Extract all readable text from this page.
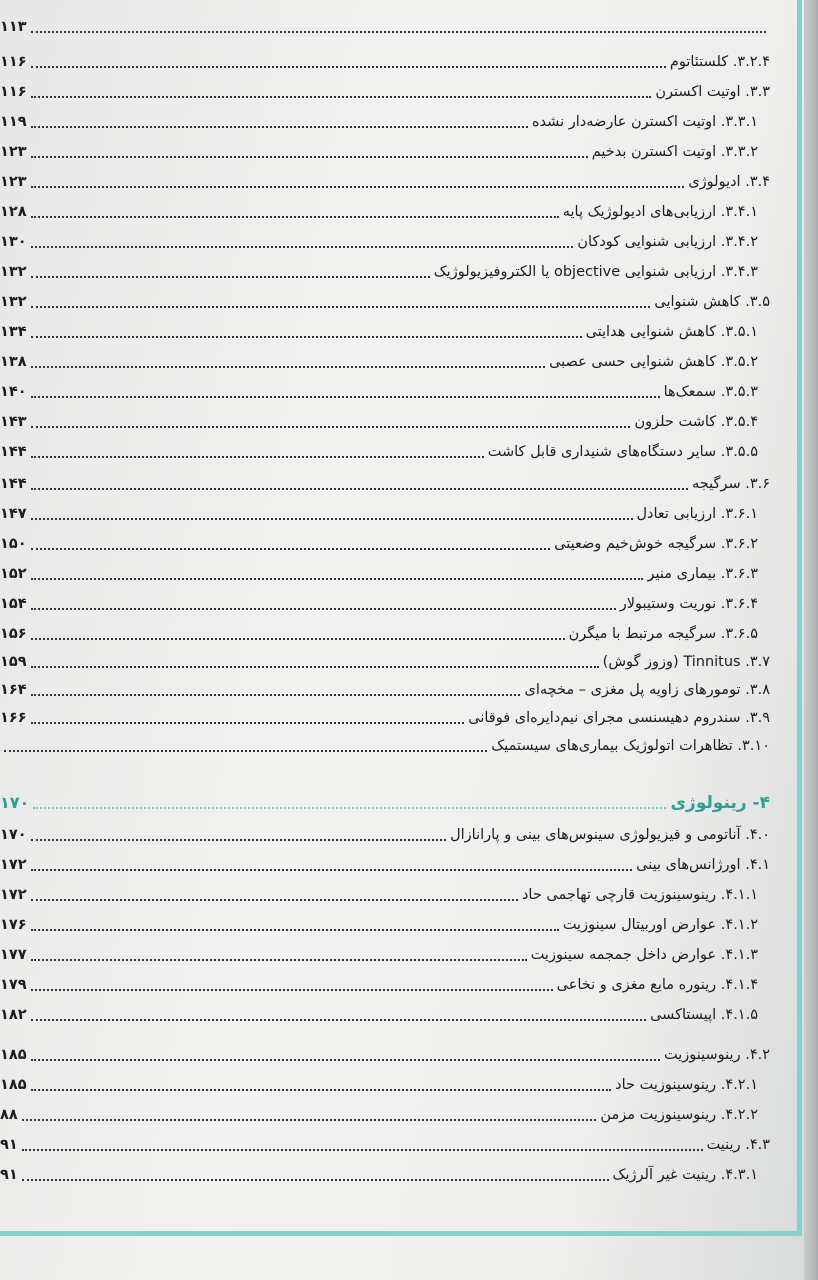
۱۱۳
۳.۲.۴. کلستئاتوم
۱۱۶
۳.۳. اوتیت اکسترن
۱۱۶
۳.۳.۱. اوتیت اکسترن عارضه‌دار نشده
۱۱۹
۳.۳.۲. اوتیت اکسترن بدخیم
۱۲۳
۳.۴. ادیولوژی
۱۲۳
۳.۴.۱. ارزیابی‌های ادیولوژیک پایه
۱۲۸
۳.۴.۲. ارزیابی شنوایی کودکان
۱۳۰
۳.۴.۳. ارزیابی شنوایی objective یا الکتروفیزیولوژیک
۱۳۲
۳.۵. کاهش شنوایی
۱۳۲
۳.۵.۱. کاهش شنوایی هدایتی
۱۳۴
۳.۵.۲. کاهش شنوایی حسی عصبی
۱۳۸
۳.۵.۳. سمعک‌ها
۱۴۰
۳.۵.۴. کاشت حلزون
۱۴۳
۳.۵.۵. سایر دستگاه‌های شنیداری قابل کاشت
۱۴۴
۳.۶. سرگیجه
۱۴۴
۳.۶.۱. ارزیابی تعادل
۱۴۷
۳.۶.۲. سرگیجه خوش‌خیم وضعیتی
۱۵۰
۳.۶.۳. بیماری منیر
۱۵۲
۳.۶.۴. نوریت وستیبولار
۱۵۴
۳.۶.۵. سرگیجه مرتبط با میگرن
۱۵۶
۳.۷. Tinnitus (وزوز گوش)
۱۵۹
۳.۸. تومورهای زاویه پل مغزی – مخچه‌ای
۱۶۴
۳.۹. سندروم دهیسنسی مجرای نیم‌دایره‌ای فوقانی
۱۶۶
۳.۱۰. تظاهرات اتولوژیک بیماری‌های سیستمیک
۴- رینولوژی
۱۷۰
۴.۰. آناتومی و فیزیولوژی سینوس‌های بینی و پارانازال
۱۷۰
۴.۱. اورژانس‌های بینی
۱۷۲
۴.۱.۱. رینوسینوزیت قارچی تهاجمی حاد
۱۷۲
۴.۱.۲. عوارض اوربیتال سینوزیت
۱۷۶
۴.۱.۳. عوارض داخل جمجمه سینوزیت
۱۷۷
۴.۱.۴. رینوره مایع مغزی و نخاعی
۱۷۹
۴.۱.۵. اپیستاکسی
۱۸۲
۴.۲. رینوسینوزیت
۱۸۵
۴.۲.۱. رینوسینوزیت حاد
۱۸۵
۴.۲.۲. رینوسینوزیت مزمن
۸۸
۴.۳. رینیت
۹۱
۴.۳.۱. رینیت غیر آلرژیک
۹۱
